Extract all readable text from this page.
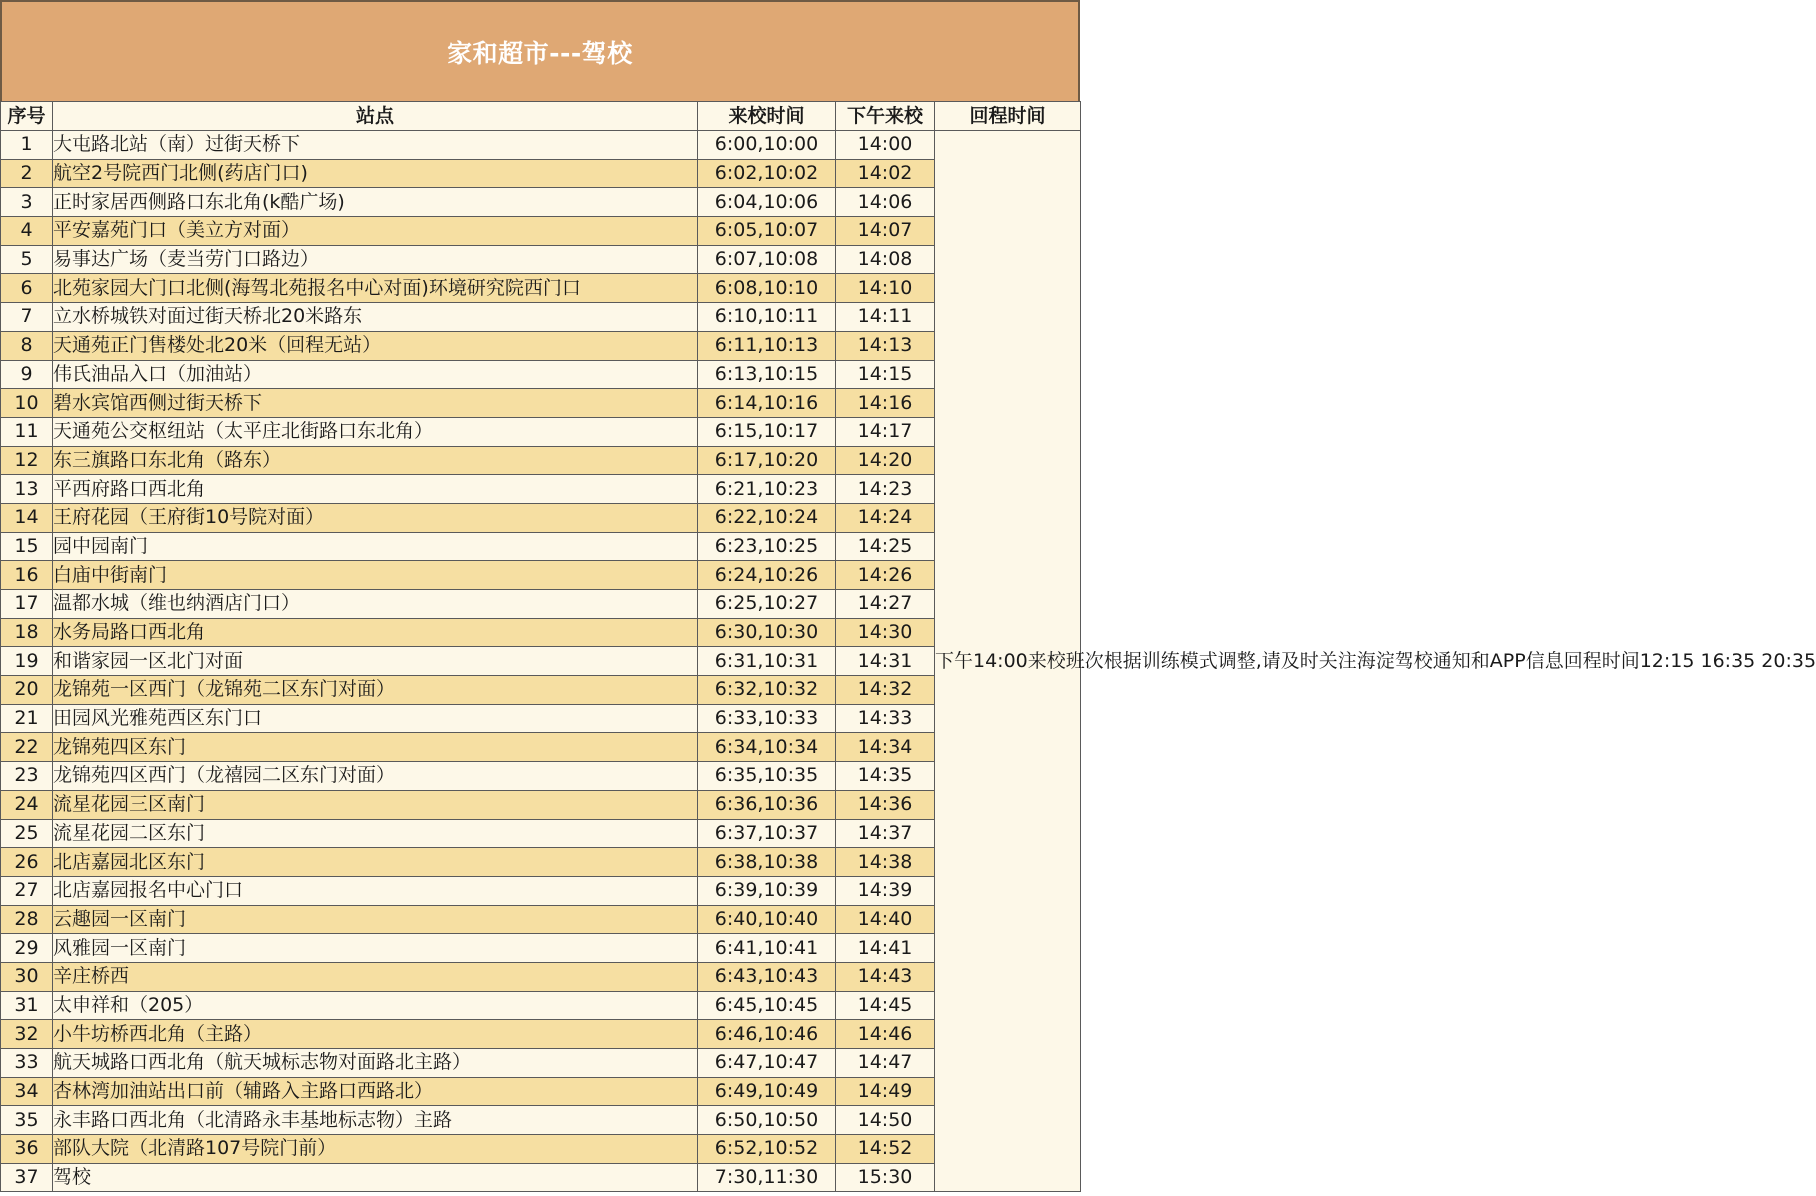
家和超市---驾校
序号	站点	来校时间	下午来校	回程时间
1	大屯路北站（南）过街天桥下	6:00,10:00	14:00	下午14:00来校班次根据训练模式调整,请及时关注海淀驾校通知和APP信息回程时间12:15 16:35 20:35
2	航空2号院西门北侧(药店门口)	6:02,10:02	14:02	
3	正时家居西侧路口东北角(k酷广场)	6:04,10:06	14:06	
4	平安嘉苑门口（美立方对面）	6:05,10:07	14:07	
5	易事达广场（麦当劳门口路边）	6:07,10:08	14:08	
6	北苑家园大门口北侧(海驾北苑报名中心对面)环境研究院西门口	6:08,10:10	14:10	
7	立水桥城铁对面过街天桥北20米路东	6:10,10:11	14:11	
8	天通苑正门售楼处北20米（回程无站）	6:11,10:13	14:13	
9	伟氏油品入口（加油站）	6:13,10:15	14:15	
10	碧水宾馆西侧过街天桥下	6:14,10:16	14:16	
11	天通苑公交枢纽站（太平庄北街路口东北角）	6:15,10:17	14:17	
12	东三旗路口东北角（路东）	6:17,10:20	14:20	
13	平西府路口西北角	6:21,10:23	14:23	
14	王府花园（王府街10号院对面）	6:22,10:24	14:24	
15	园中园南门	6:23,10:25	14:25	
16	白庙中街南门	6:24,10:26	14:26	
17	温都水城（维也纳酒店门口）	6:25,10:27	14:27	
18	水务局路口西北角	6:30,10:30	14:30	
19	和谐家园一区北门对面	6:31,10:31	14:31	
20	龙锦苑一区西门（龙锦苑二区东门对面）	6:32,10:32	14:32	
21	田园风光雅苑西区东门口	6:33,10:33	14:33	
22	龙锦苑四区东门	6:34,10:34	14:34	
23	龙锦苑四区西门（龙禧园二区东门对面）	6:35,10:35	14:35	
24	流星花园三区南门	6:36,10:36	14:36	
25	流星花园二区东门	6:37,10:37	14:37	
26	北店嘉园北区东门	6:38,10:38	14:38	
27	北店嘉园报名中心门口	6:39,10:39	14:39	
28	云趣园一区南门	6:40,10:40	14:40	
29	风雅园一区南门	6:41,10:41	14:41	
30	辛庄桥西	6:43,10:43	14:43	
31	太申祥和（205）	6:45,10:45	14:45	
32	小牛坊桥西北角（主路）	6:46,10:46	14:46	
33	航天城路口西北角（航天城标志物对面路北主路）	6:47,10:47	14:47	
34	杏林湾加油站出口前（辅路入主路口西路北）	6:49,10:49	14:49	
35	永丰路口西北角（北清路永丰基地标志物）主路	6:50,10:50	14:50	
36	部队大院（北清路107号院门前）	6:52,10:52	14:52	
37	驾校	7:30,11:30	15:30	
